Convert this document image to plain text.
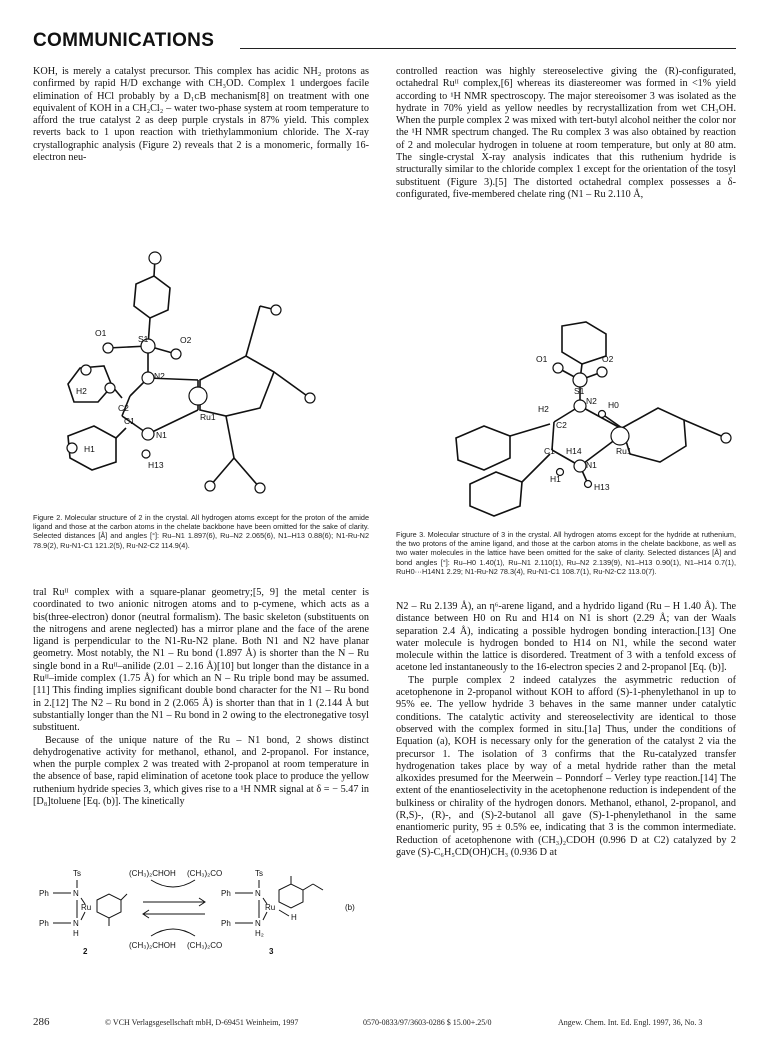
COMMUNICATIONS

KOH, is merely a catalyst precursor. This complex has acidic NH₂ protons as confirmed by rapid H/D exchange with CH₃OD. Complex 1 undergoes facile elimination of HCl probably by a D₁ᴄB mechanism[8] on treatment with one equivalent of KOH in a CH₂Cl₂ – water two-phase system at room temperature to afford the true catalyst 2 as deep purple crystals in 87% yield. This complex reverts back to 1 upon reaction with triethylammonium chloride. The X-ray crystallographic analysis (Figure 2) reveals that 2 is a monomeric, formally 16-electron neu-

controlled reaction was highly stereoselective giving the (R)-configurated, octahedral Ruᴵᴵ complex,[6] whereas its diastereomer was formed in <1% yield according to ¹H NMR spectroscopy. The major stereoisomer 3 was isolated as the hydrate in 70% yield as yellow needles by recrystallization from wet CH₃OH. When the purple complex 2 was mixed with tert-butyl alcohol neither the color nor the ¹H NMR spectrum changed. The Ru complex 3 was also obtained by reaction of 2 and molecular hydrogen in toluene at room temperature, but only at 80 atm. The single-crystal X-ray analysis indicates that this ruthenium hydride is structurally similar to the chloride complex 1 except for the orientation of the tosyl substituent (Figure 3).[5] The distorted octahedral complex possesses a δ-configurated, five-membered chelate ring (N1 – Ru 2.110 Å,

O1
S1	O2
N2
H2
C2
C1	Ru1
N1
H1
H13
Figure 2. Molecular structure of 2 in the crystal. All hydrogen atoms except for the proton of the amide ligand and those at the carbon atoms in the chelate backbone have been omitted for the sake of clarity. Selected distances [Å] and angles [°]: Ru–N1 1.897(6), Ru–N2 2.065(6), N1–H13 0.88(6); N1-Ru-N2 78.9(2), Ru-N1-C1 121.2(5), Ru-N2-C2 114.9(4).
O1
S1
O2
H2
N2 H0
C2
Ru1
C1 H14
N1
H1
H13
Figure 3. Molecular structure of 3 in the crystal. All hydrogen atoms except for the hydride at ruthenium, the two protons of the amine ligand, and those at the carbon atoms in the chelate backbone, as well as two water molecules in the lattice have been omitted for the sake of clarity. Selected distances [Å] and bond angles [°]: Ru–H0 1.40(1), Ru–N1 2.110(1), Ru–N2 2.139(9), N1–H13 0.90(1), N1–H14 0.7(1), RuH0···H14N1 2.29; N1-Ru-N2 78.3(4), Ru-N1-C1 108.7(1), Ru-N2-C2 113.0(7).

tral Ruᴵᴵ complex with a square-planar geometry;[5, 9] the metal center is coordinated to two anionic nitrogen atoms and to p-cymene, which acts as a bis(three-electron) donor (neutral formalism). The basic skeleton (substituents on the nitrogens and arene neglected) has a mirror plane and the face of the arene ligand is perpendicular to the N1-Ru-N2 plane. Both N1 and N2 have planar geometry. Most notably, the N1 – Ru bond (1.897 Å) is shorter than the N – Ru single bond in a Ruᴵᴵ–anilide (2.01 – 2.16 Å)[10] but longer than the distance in a Ruᴵᴵ–imide complex (1.75 Å) for which an N – Ru triple bond may be assumed.[11] This finding implies significant double bond character for the N1 – Ru bond in 2.[12] The N2 – Ru bond in 2 (2.065 Å) is shorter than that in 1 (2.144 Å but substantially longer than the N1 – Ru bond in 2 owing to the electronegative tosyl substituent.

Because of the unique nature of the Ru – N1 bond, 2 shows distinct dehydrogenative activity for methanol, ethanol, and 2-propanol. For instance, when the purple complex 2 was treated with 2-propanol at room temperature in the absence of base, rapid elimination of acetone took place to produce the yellow ruthenium hydride species 3, which gives rise to a ¹H NMR signal at δ = − 5.47 in [D₈]toluene [Eq. (b)]. The kinetically

N2 – Ru 2.139 Å), an η⁶-arene ligand, and a hydrido ligand (Ru – H 1.40 Å). The distance between H0 on Ru and H14 on N1 is short (2.29 Å; van der Waals separation 2.4 Å), indicating a possible hydrogen bonding interaction.[13] One water molecule is hydrogen bonded to H14 on N1, while the second water molecule within the lattice is disordered. Treatment of 3 with a tenfold excess of acetone led instantaneously to the 16-electron species 2 and 2-propanol [Eq. (b)].

The purple complex 2 indeed catalyzes the asymmetric reduction of acetophenone in 2-propanol without KOH to afford (S)-1-phenylethanol in up to 95% ee. The yellow hydride 3 behaves in the same manner under catalytic conditions. The catalytic activity and stereoselectivity are identical to those observed with the complex formed in situ.[1a] Thus, under the conditions of Equation (a), KOH is necessary only for the generation of the catalyst 2 via the precursor 1. The isolation of 3 confirms that the Ru-catalyzed transfer hydrogenation takes place by way of a metal hydride rather than the metal alkoxides presumed for the Meerwein – Ponndorf – Verley type reaction.[14] The extent of the enantioselectivity in the acetophenone reduction is independent of the bulkiness or chirality of the hydrogen donors. Methanol, ethanol, 2-propanol, and (R,S)-, (R)-, and (S)-2-butanol all gave (S)-1-phenylethanol in the same enantiomeric purity, 95 ± 0.5% ee, indicating that 3 is the common intermediate. Reduction of acetophenone with (CH₃)₂CDOH (0.996 D at C2) catalyzed by 2 gave (S)-C₆H₅CD(OH)CH₃ (0.936 D at

Ts
Ph	N
Ru
Ph	N
H
2
(CH₃)₂CHOH (CH₃)₂CO
(CH₃)₂CHOH (CH₃)₂CO
Ts
Ph	N
Ru
H
Ph	N
H₂
3
(b)
286	© VCH Verlagsgesellschaft mbH, D-69451 Weinheim, 1997	0570-0833/97/3603-0286 $ 15.00+.25/0	Angew. Chem. Int. Ed. Engl. 1997, 36, No. 3
